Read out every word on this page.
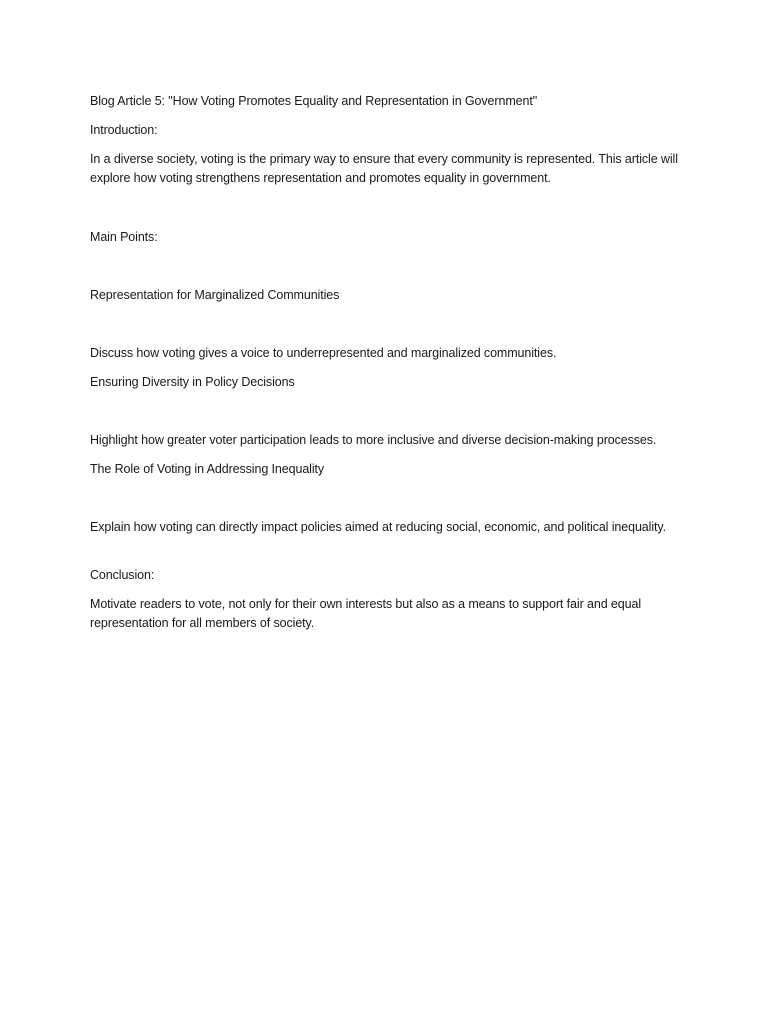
Blog Article 5: "How Voting Promotes Equality and Representation in Government"

Introduction:

In a diverse society, voting is the primary way to ensure that every community is represented. This article will explore how voting strengthens representation and promotes equality in government.

Main Points:

Representation for Marginalized Communities

Discuss how voting gives a voice to underrepresented and marginalized communities.

Ensuring Diversity in Policy Decisions

Highlight how greater voter participation leads to more inclusive and diverse decision-making processes.

The Role of Voting in Addressing Inequality

Explain how voting can directly impact policies aimed at reducing social, economic, and political inequality.

Conclusion:

Motivate readers to vote, not only for their own interests but also as a means to support fair and equal representation for all members of society.
